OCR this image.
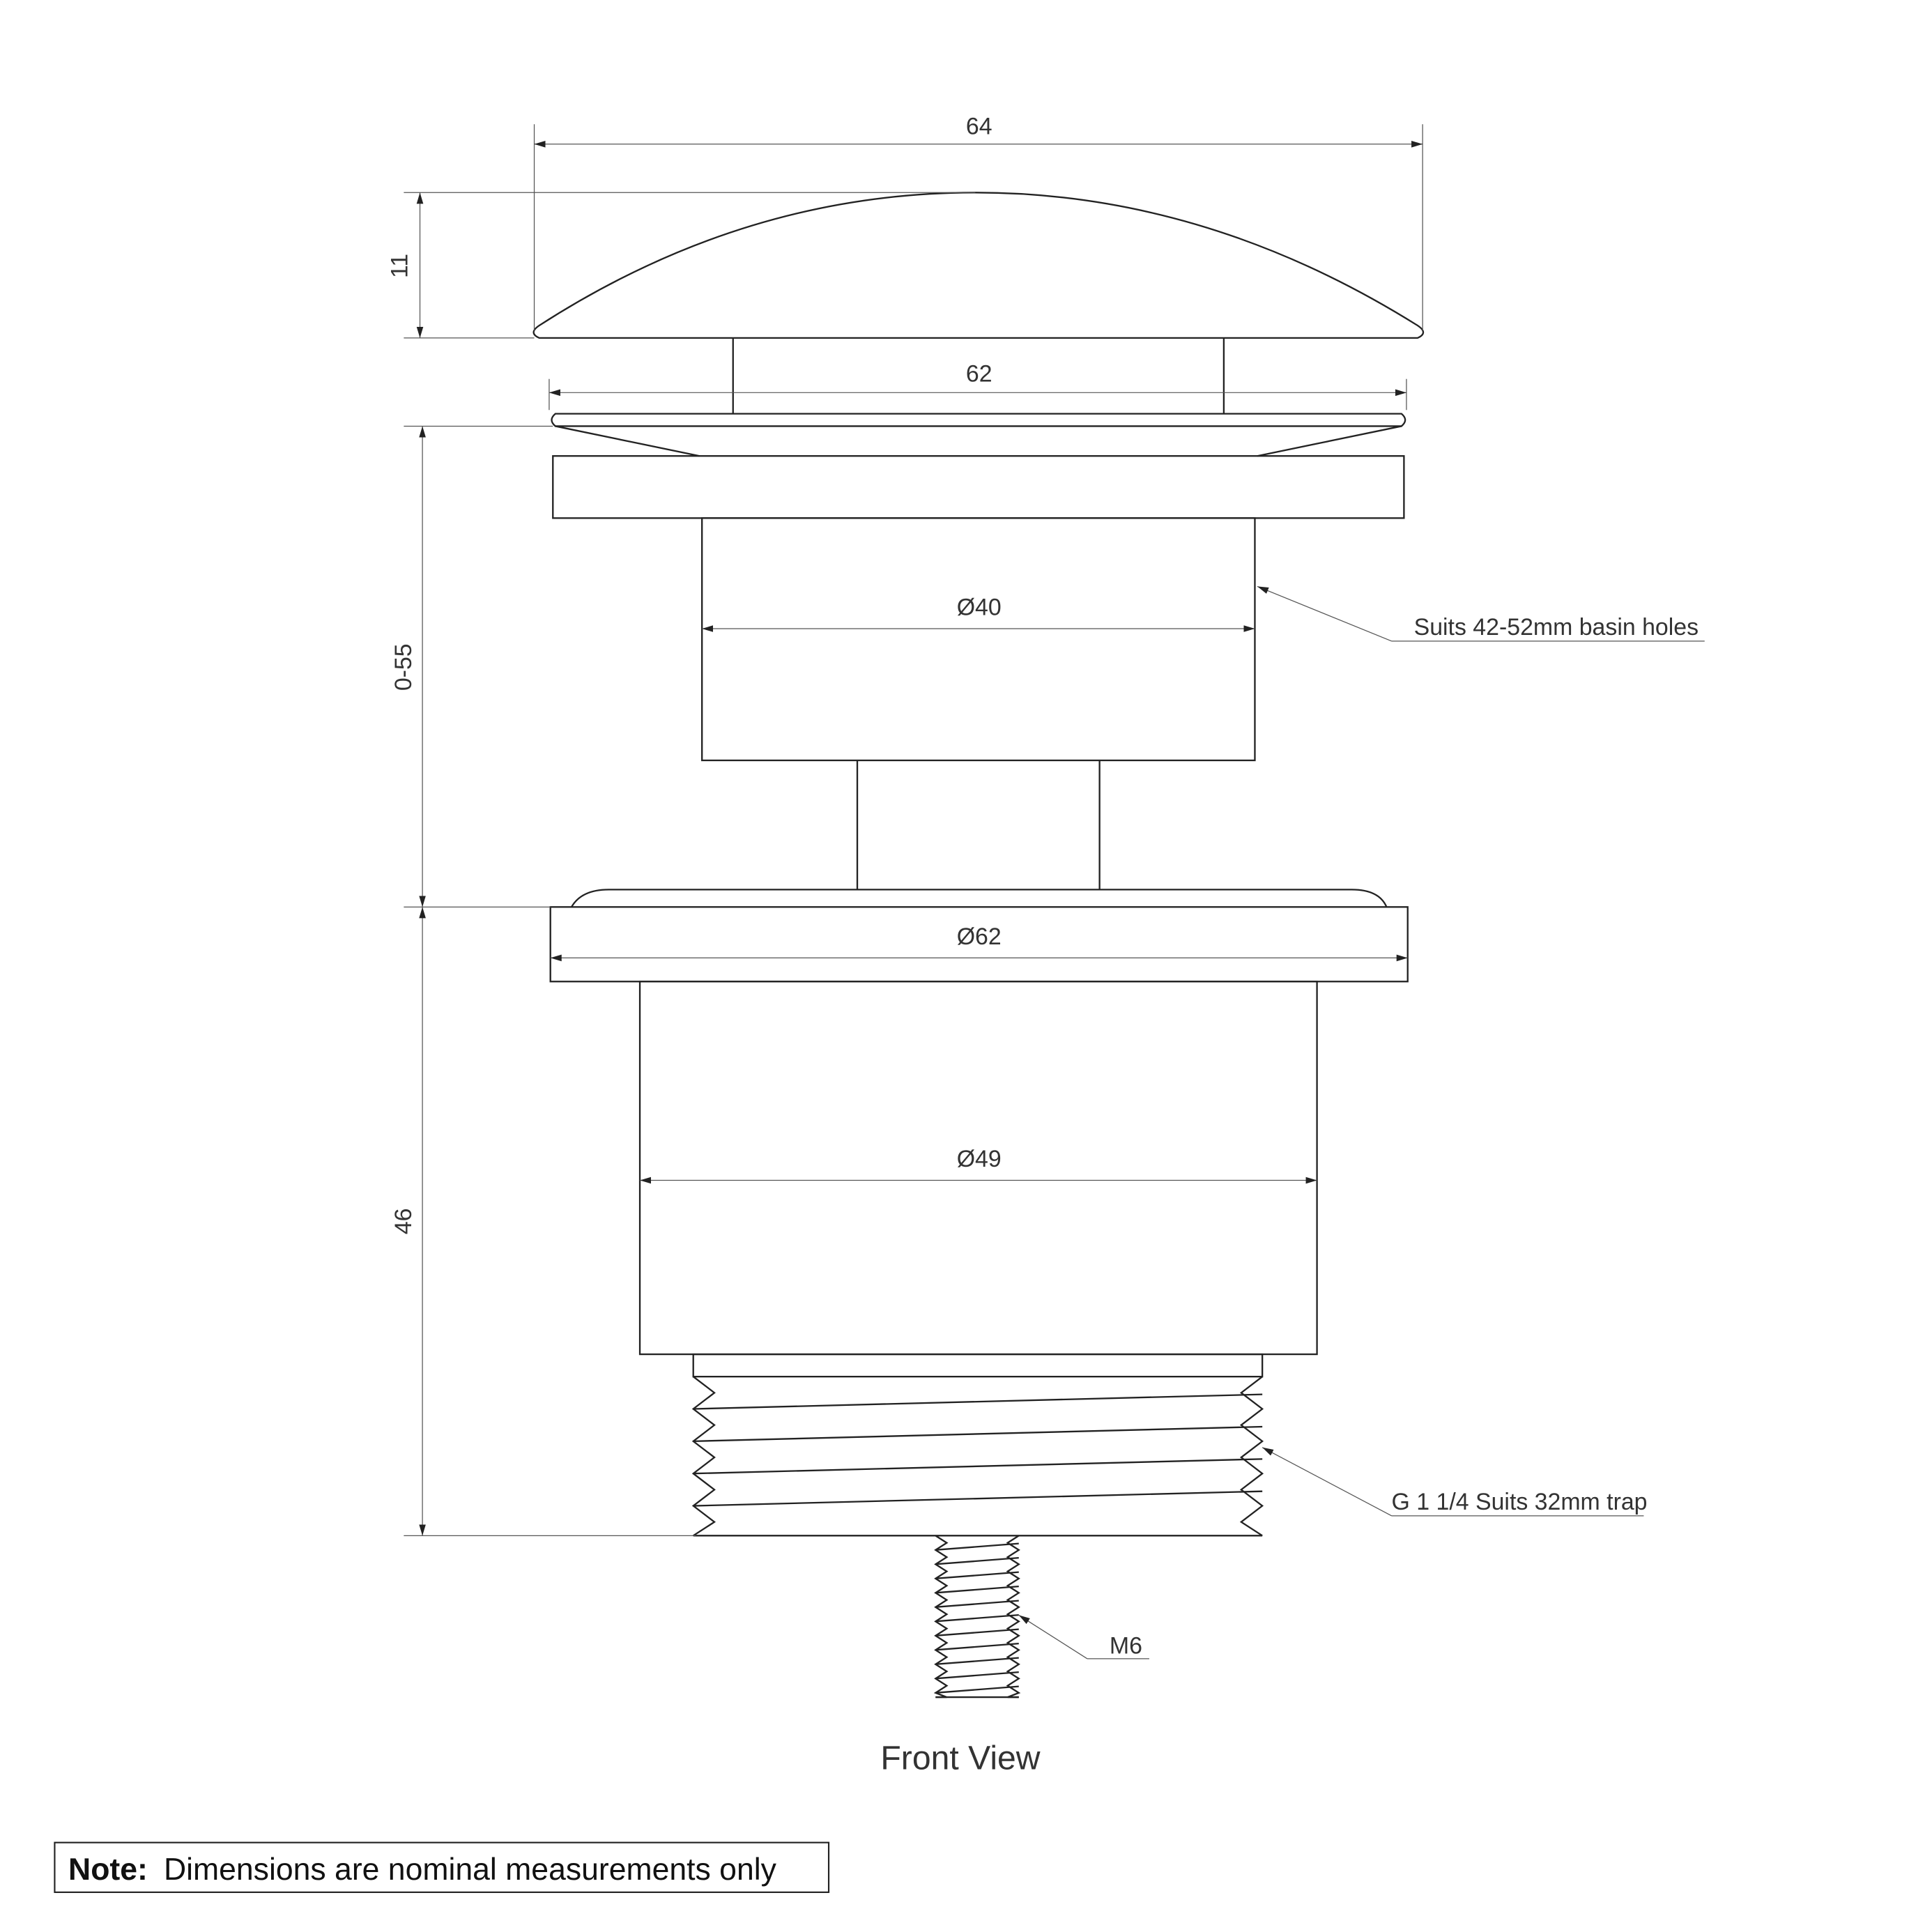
64
11
62
Ø40
Suits 42-52mm basin holes
Ø62
Ø49
G 1 1/4 Suits 32mm trap
M6
0-55
46
Front View
Note: Dimensions are nominal measurements only
